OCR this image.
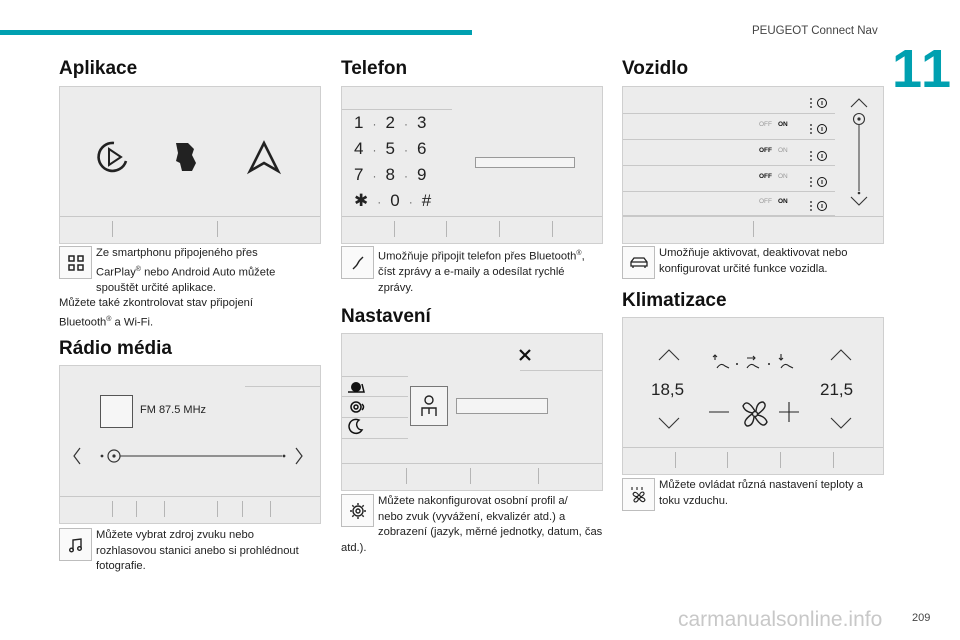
PEUGEOT Connect Nav
11
Aplikace
Ze smartphonu připojeného přes
CarPlay® nebo Android Auto můžete
spouštět určité aplikace.
Můžete také zkontrolovat stav připojení
Bluetooth® a Wi-Fi.
Rádio média
FM 87.5 MHz
Můžete vybrat zdroj zvuku nebo
rozhlasovou stanici anebo si prohlédnout
fotografie.
Telefon
1 · 2 · 3
4 · 5 · 6
7 · 8 · 9
✱ · 0 · #
Umožňuje připojit telefon přes Bluetooth®,
číst zprávy a e-maily a odesílat rychlé
zprávy.
Nastavení
Můžete nakonfigurovat osobní profil a/
nebo zvuk (vyvážení, ekvalizér atd.) a
zobrazení (jazyk, měrné jednotky, datum, čas
atd.).
Vozidlo
OFF ON
OFF ON
OFF ON
OFF ON
Umožňuje aktivovat, deaktivovat nebo
konfigurovat určité funkce vozidla.
Klimatizace
18,5	21,5
Můžete ovládat různá nastavení teploty a
toku vzduchu.
carmanualsonline.info	209
